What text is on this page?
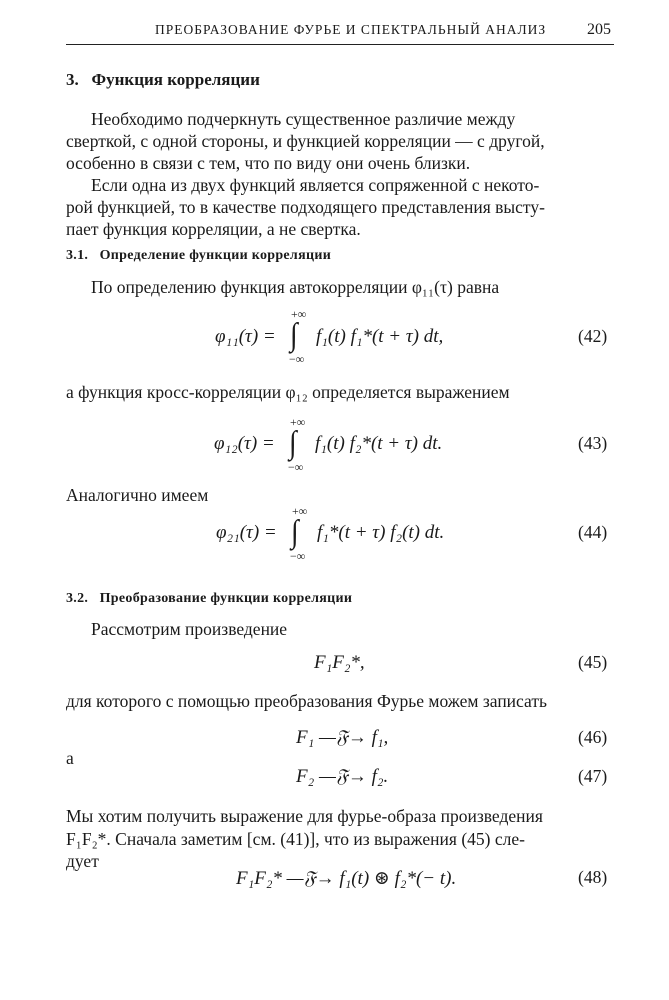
ПРЕОБРАЗОВАНИЕ ФУРЬЕ И СПЕКТРАЛЬНЫЙ АНАЛИЗ	205
3. Функция корреляции
Необходимо подчеркнуть существенное различие между
сверткой, с одной стороны, и функцией корреляции — с другой,
особенно в связи с тем, что по виду они очень близки.
Если одна из двух функций является сопряженной с некото-
рой функцией, то в качестве подходящего представления высту-
пает функция корреляции, а не свертка.
3.1. Определение функции корреляции
По определению функция автокорреляции φ₁₁(τ) равна
+∞
∫
−∞
φ₁₁(τ) = f₁(t) f₁*(t + τ) dt,	(42)
а функция кросс-корреляции φ₁₂ определяется выражением
+∞
∫
−∞
φ₁₂(τ) = f₁(t) f₂*(t + τ) dt.	(43)
Аналогично имеем
+∞
∫
−∞
φ₂₁(τ) = f₁*(t + τ) f₂(t) dt.	(44)
3.2. Преобразование функции корреляции
Рассмотрим произведение
F₁F₂*,	(45)
для которого с помощью преобразования Фурье можем записать
F₁ —𝔉→ f₁,	(46)
а
F₂ —𝔉→ f₂.	(47)
Мы хотим получить выражение для фурье-образа произведения
F₁F₂*. Сначала заметим [см. (41)], что из выражения (45) сле-
дует
F₁F₂* —𝔉→ f₁(t) ⊛ f₂*(− t).	(48)
